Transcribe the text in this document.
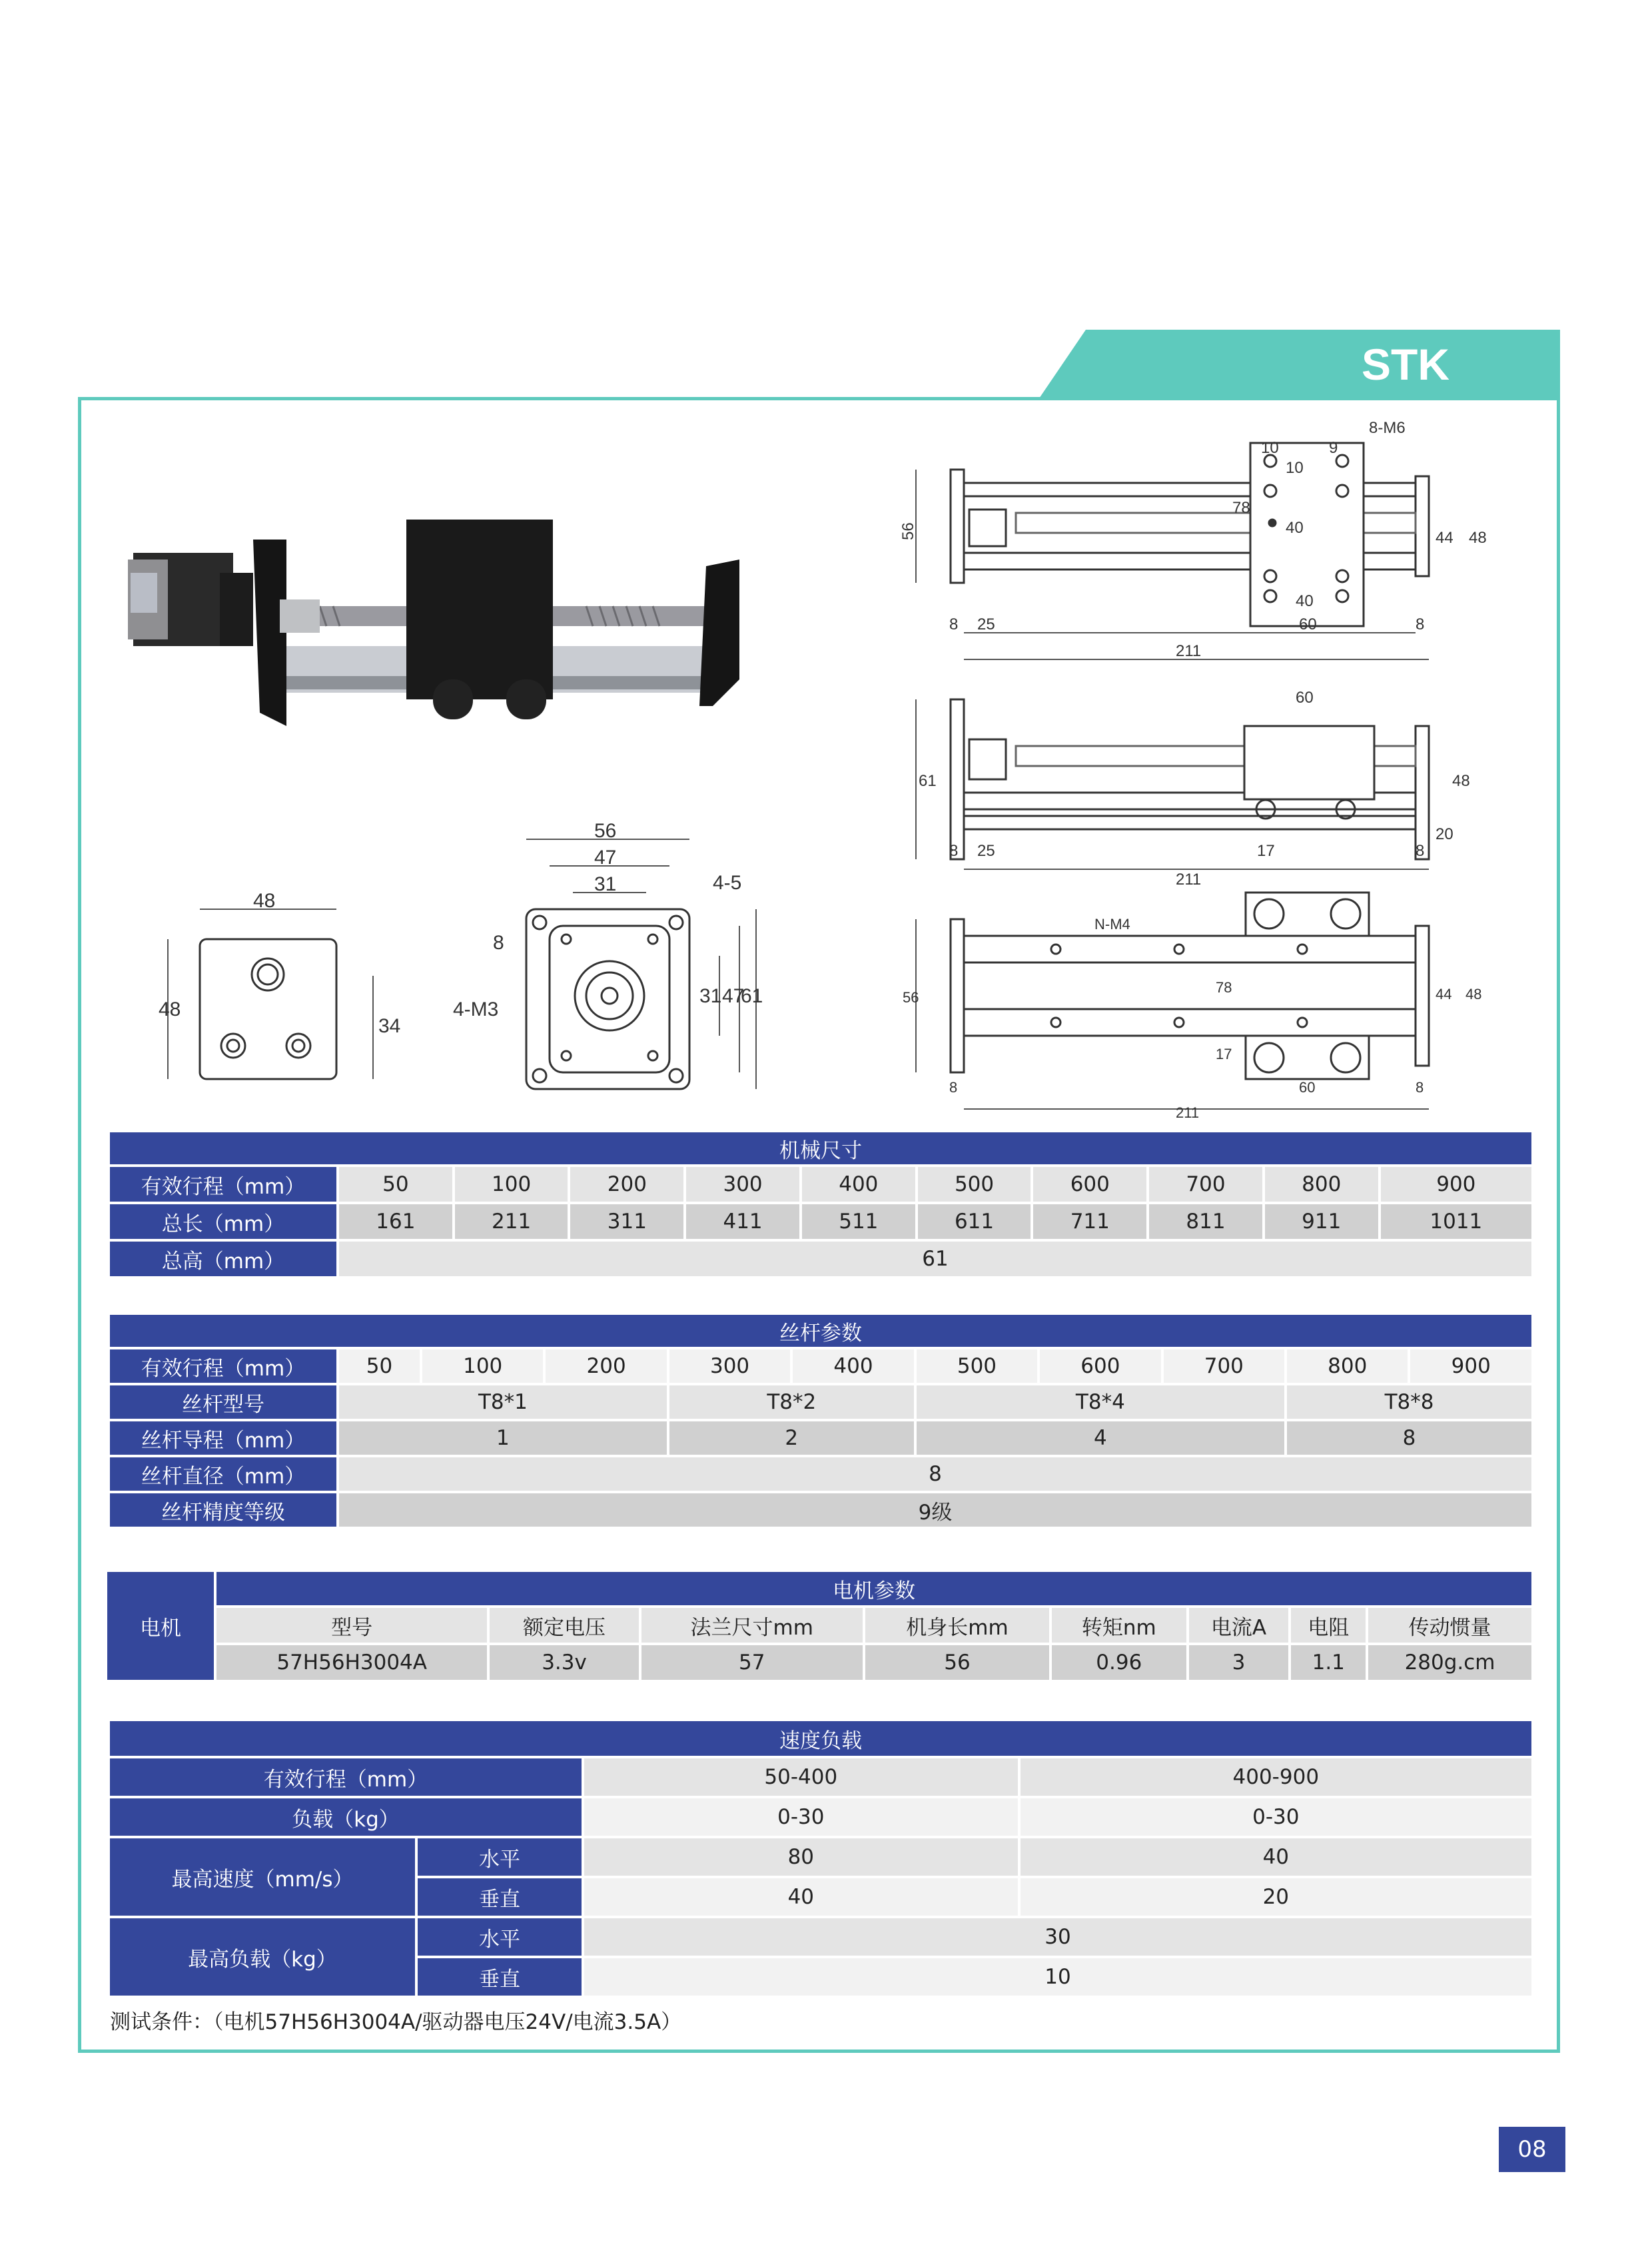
STK
56
8-M6
10
10
9
78
40
40
44 48
8 25	60	8
211
61
60
48
20
8 25	17	8
211
56
N-M4
78	44 48
17
60
8	8
211
48
48
34
56
47
31	4-5
8
4-M3
31 47
61
机械尺寸										
有效行程（mm）	50	100	200	300	400	500	600	700	800	900
总长（mm）	161	211	311	411	511	611	711	811	911	1011
总高（mm）	61									
丝杆参数										
有效行程（mm）	50	100	200	300	400	500	600	700	800	900
丝杆型号	T8*1			T8*2		T8*4			T8*8	
丝杆导程（mm）	1			2		4			8	
丝杆直径（mm）	8									
丝杆精度等级	9级									
电机	电机参数							
	型号	额定电压	法兰尺寸mm	机身长mm	转矩nm	电流A	电阻	传动惯量
	57H56H3004A	3.3v	57	56	0.96	3	1.1	280g.cm
速度负载			
有效行程（mm）		50-400	400-900
负载（kg）		0-30	0-30
最高速度（mm/s）	水平	80	40
	垂直	40	20
最高负载（kg）	水平	30	
	垂直	10	
测试条件：（电机57H56H3004A/驱动器电压24V/电流3.5A）
08
